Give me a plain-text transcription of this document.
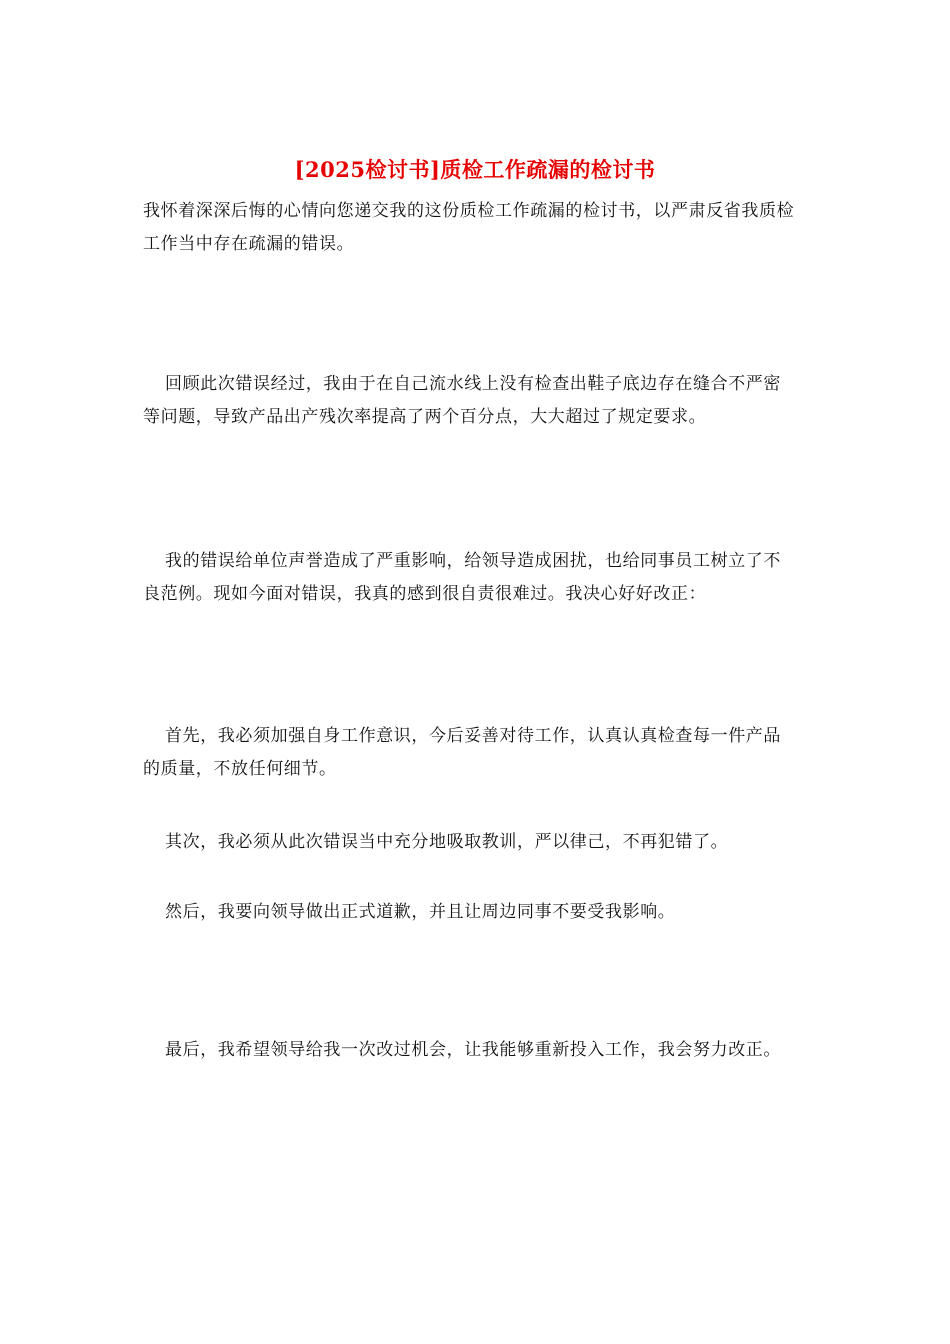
[2025检讨书]质检工作疏漏的检讨书

我怀着深深后悔的心情向您递交我的这份质检工作疏漏的检讨书，以严肃反省我质检工作当中存在疏漏的错误。

回顾此次错误经过，我由于在自己流水线上没有检查出鞋子底边存在缝合不严密等问题，导致产品出产残次率提高了两个百分点，大大超过了规定要求。

我的错误给单位声誉造成了严重影响，给领导造成困扰，也给同事员工树立了不良范例。现如今面对错误，我真的感到很自责很难过。我决心好好改正：

首先，我必须加强自身工作意识，今后妥善对待工作，认真认真检查每一件产品的质量，不放任何细节。

其次，我必须从此次错误当中充分地吸取教训，严以律己，不再犯错了。

然后，我要向领导做出正式道歉，并且让周边同事不要受我影响。

最后，我希望领导给我一次改过机会，让我能够重新投入工作，我会努力改正。
